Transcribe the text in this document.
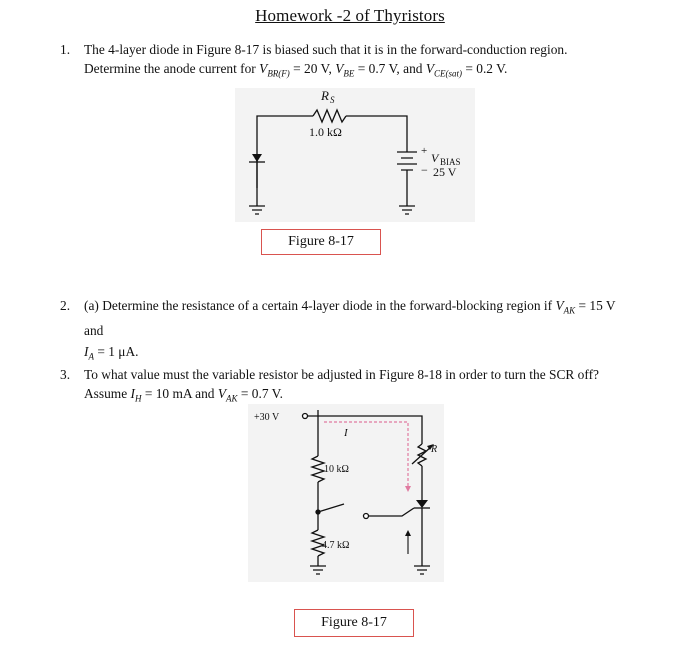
Homework -2 of Thyristors
1.	The 4-layer diode in Figure 8-17 is biased such that it is in the forward-conduction region.
Determine the anode current for $V_{BR(F)} = 20$ V, $V_{BE} = 0.7$ V, and $V_{CE(sat)} = 0.2$ V.
R S
1.0 kΩ
+
−
V BIAS
25 V
Figure 8-17
2.	(a) Determine the resistance of a certain 4-layer diode in the forward-blocking region if $V_{AK} = 15$ V
and
$I_A = 1$ μA.
3.	To what value must the variable resistor be adjusted in Figure 8-18 in order to turn the SCR off?
Assume $I_H = 10$ mA and $V_{AK} = 0.7$ V.
+30 V
I
10 kΩ
4.7 kΩ
R
Figure 8-17
